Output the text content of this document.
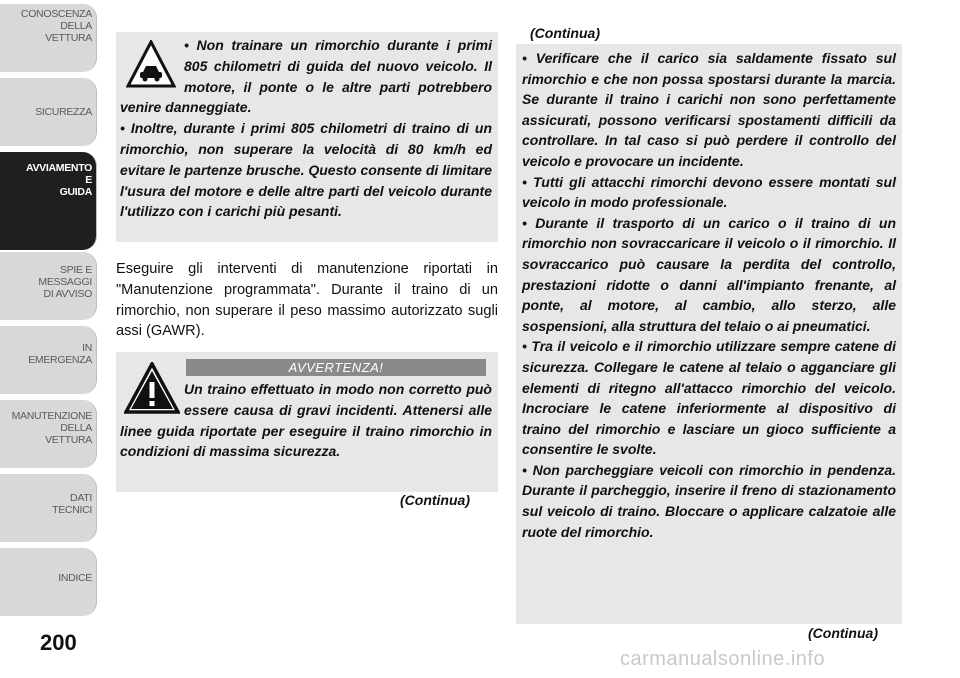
CONOSCENZA
DELLA
VETTURA
SICUREZZA
AVVIAMENTO
E
GUIDA
SPIE E
MESSAGGI
DI AVVISO
IN
EMERGENZA
MANUTENZIONE
DELLA
VETTURA
DATI
TECNICI
INDICE
200

• Non trainare un rimorchio durante i primi 805 chilometri di guida del nuovo veicolo. Il motore, il ponte o le altre parti potrebbero venire danneggiate.

• Inoltre, durante i primi 805 chilometri di traino di un rimorchio, non superare la velocità di 80 km/h ed evitare le partenze brusche. Questo consente di limitare l'usura del motore e delle altre parti del veicolo durante l'utilizzo con i carichi più pesanti.

Eseguire gli interventi di manutenzione riportati in "Manutenzione programmata". Durante il traino di un rimorchio, non superare il peso massimo autorizzato sugli assi (GAWR).
AVVERTENZA!

Un traino effettuato in modo non corretto può essere causa di gravi incidenti. Attenersi alle linee guida riportate per eseguire il traino rimorchio in condizioni di massima sicurezza.

(Continua)
(Continua)

• Verificare che il carico sia saldamente fissato sul rimorchio e che non possa spostarsi durante la marcia. Se durante il traino i carichi non sono perfettamente assicurati, possono verificarsi spostamenti difficili da controllare. In tal caso si può perdere il controllo del veicolo e provocare un incidente.

• Tutti gli attacchi rimorchi devono essere montati sul veicolo in modo professionale.

• Durante il trasporto di un carico o il traino di un rimorchio non sovraccaricare il veicolo o il rimorchio. Il sovraccarico può causare la perdita del controllo, prestazioni ridotte o danni all'impianto frenante, al ponte, al motore, al cambio, allo sterzo, alle sospensioni, alla struttura del telaio o ai pneumatici.

• Tra il veicolo e il rimorchio utilizzare sempre catene di sicurezza. Collegare le catene al telaio o agganciare gli elementi di ritegno all'attacco rimorchio del veicolo. Incrociare le catene inferiormente al dispositivo di traino del rimorchio e lasciare un gioco sufficiente a consentire le svolte.

• Non parcheggiare veicoli con rimorchio in pendenza. Durante il parcheggio, inserire il freno di stazionamento sul veicolo di traino. Bloccare o applicare calzatoie alle ruote del rimorchio.

(Continua)
carmanualsonline.info
